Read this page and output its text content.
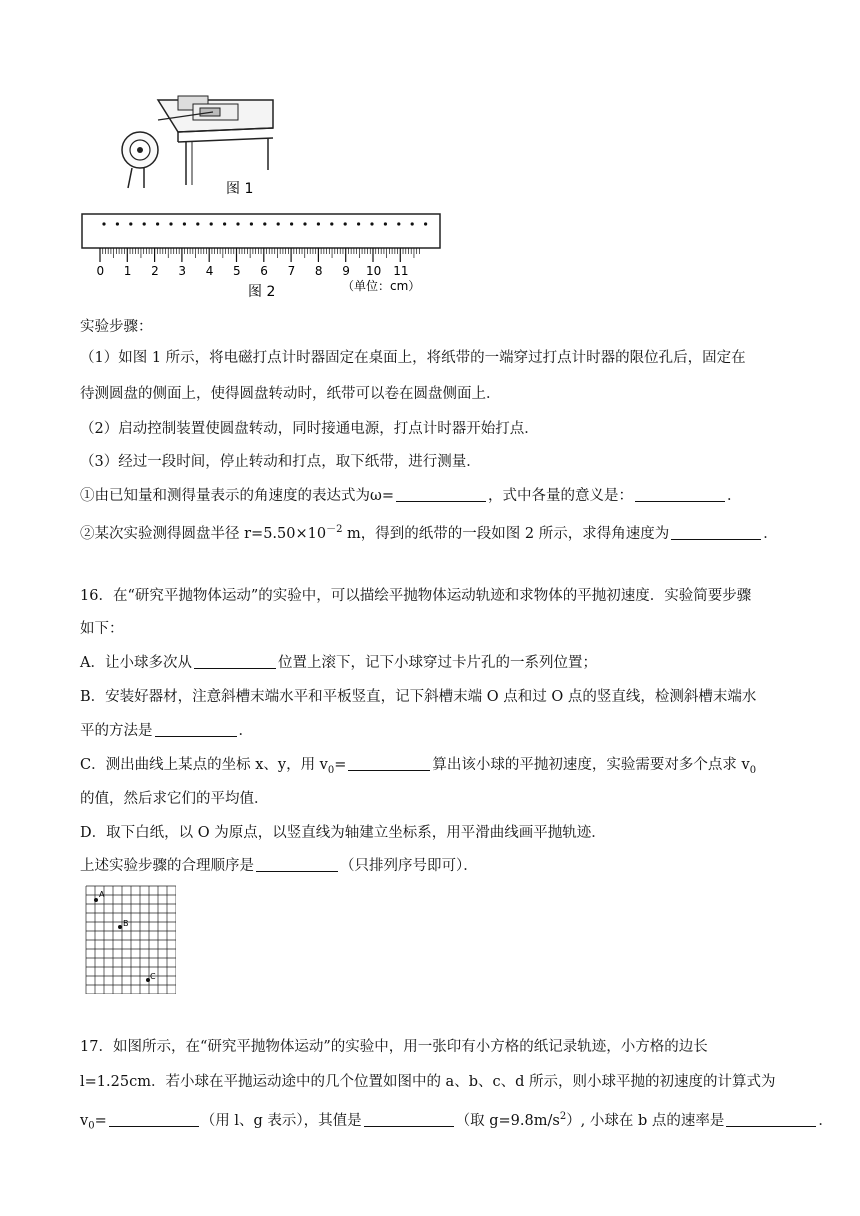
图 1
0 1 2 3 4 5 6 7 8 9 10 11
图 2	（单位：cm）
实验步骤：
（1）如图 1 所示，将电磁打点计时器固定在桌面上，将纸带的一端穿过打点计时器的限位孔后，固定在
待测圆盘的侧面上，使得圆盘转动时，纸带可以卷在圆盘侧面上．
（2）启动控制装置使圆盘转动，同时接通电源，打点计时器开始打点．
（3）经过一段时间，停止转动和打点，取下纸带，进行测量．
①由已知量和测得量表示的角速度的表达式为ω=	，式中各量的意义是：	．
②某次实验测得圆盘半径 $r=5.50\times 10^{-2}$ m，得到的纸带的一段如图 2 所示，求得角速度为	．
16．在“研究平抛物体运动”的实验中，可以描绘平抛物体运动轨迹和求物体的平抛初速度．实验简要步骤
如下：
A．让小球多次从	位置上滚下，记下小球穿过卡片孔的一系列位置；
B．安装好器材，注意斜槽末端水平和平板竖直，记下斜槽末端 O 点和过 O 点的竖直线，检测斜槽末端水
平的方法是	．
C．测出曲线上某点的坐标 x、y，用 $v_0=$	算出该小球的平抛初速度，实验需要对多个点求 $v_0$
的值，然后求它们的平均值．
D．取下白纸，以 O 为原点，以竖直线为轴建立坐标系，用平滑曲线画平抛轨迹．
上述实验步骤的合理顺序是	（只排列序号即可）．
A
B
C
17．如图所示，在“研究平抛物体运动”的实验中，用一张印有小方格的纸记录轨迹，小方格的边长
l=1.25cm．若小球在平抛运动途中的几个位置如图中的 a、b、c、d 所示，则小球平抛的初速度的计算式为
$v_0=$	（用 l、g 表示），其值是	（取 $g=9.8m/s^2$）, 小球在 b 点的速率是	．
